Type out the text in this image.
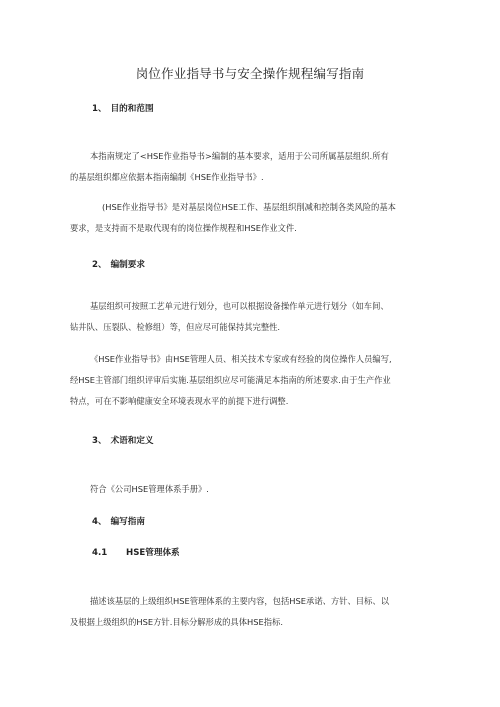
岗位作业指导书与安全操作规程编写指南
1、 目的和范围

本指南规定了<HSE作业指导书>编制的基本要求，适用于公司所属基层组织.所有
的基层组织都应依据本指南编制《HSE作业指导书》.

(HSE作业指导书》是对基层岗位HSE工作、基层组织削减和控制各类风险的基本
要求，是支持而不是取代现有的岗位操作规程和HSE作业文件.

2、 编制要求

基层组织可按照工艺单元进行划分，也可以根据设备操作单元进行划分（如车间、
钻井队、压裂队、检修组）等，但应尽可能保持其完整性.

《HSE作业指导书》由HSE管理人员、相关技术专家或有经验的岗位操作人员编写,
经HSE主管部门组织评审后实施.基层组织应尽可能满足本指南的所述要求.由于生产作业
特点，可在不影响健康安全环境表现水平的前提下进行调整.

3、 术语和定义

符合《公司HSE管理体系手册》.

4、 编写指南
4.1 HSE管理体系

描述该基层的上级组织HSE管理体系的主要内容，包括HSE承诺、方针、目标、以
及根据上级组织的HSE方针.目标分解形成的具体HSE指标.
